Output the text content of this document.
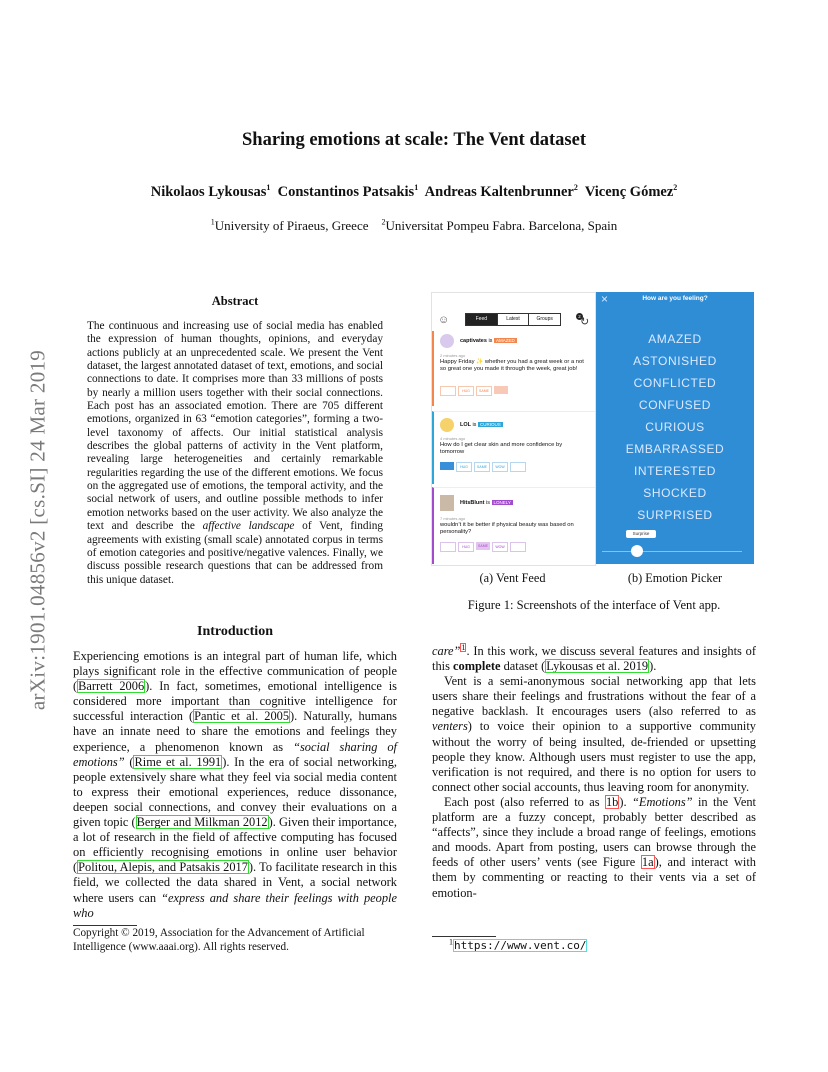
arXiv:1901.04856v2 [cs.SI] 24 Mar 2019
Sharing emotions at scale: The Vent dataset
Nikolaos Lykousas$^1$ Constantinos Patsakis$^1$ Andreas Kaltenbrunner$^2$ Vicenç Gómez$^2$
$^1$University of Piraeus, Greece $^2$Universitat Pompeu Fabra. Barcelona, Spain
Abstract
The continuous and increasing use of social media has enabled the expression of human thoughts, opinions, and everyday actions publicly at an unprecedented scale. We present the Vent dataset, the largest annotated dataset of text, emotions, and social connections to date. It comprises more than 33 millions of posts by nearly a million users together with their social connections. Each post has an associated emotion. There are 705 different emotions, organized in 63 “emotion categories”, forming a two-level taxonomy of affects. Our initial statistical analysis describes the global patterns of activity in the Vent platform, revealing large heterogeneities and certainly remarkable regularities regarding the use of the different emotions. We focus on the aggregated use of emotions, the temporal activity, and the social network of users, and outline possible methods to infer emotion networks based on the user activity. We also analyze the text and describe the affective landscape of Vent, finding agreements with existing (small scale) annotated corpus in terms of emotion categories and positive/negative valences. Finally, we discuss possible research questions that can be addressed from this unique dataset.
Introduction

Experiencing emotions is an integral part of human life, which plays significant role in the effective communication of people (Barrett 2006). In fact, sometimes, emotional intelligence is considered more important than cognitive intelligence for successful interaction (Pantic et al. 2005). Naturally, humans have an innate need to share the emotions and feelings they experience, a phenomenon known as “social sharing of emotions” (Rime et al. 1991). In the era of social networking, people extensively share what they feel via social media content to express their emotional experiences, reduce dissonance, deepen social connections, and convey their evaluations on a given topic (Berger and Milkman 2012). Given their importance, a lot of research in the field of affective computing has focused on efficiently recognising emotions in online user behavior (Politou, Alepis, and Patsakis 2017). To facilitate research in this field, we collected the data shared in Vent, a social network where users can “express and share their feelings with people who

Copyright © 2019, Association for the Advancement of Artificial Intelligence (www.aaai.org). All rights reserved.

care”$^1$. In this work, we discuss several features and insights of this complete dataset (Lykousas et al. 2019).

Vent is a semi-anonymous social networking app that lets users share their feelings and frustrations without the fear of a negative backlash. It encourages users (also referred to as venters) to voice their opinion to a supportive community without the worry of being insulted, de-friended or upsetting people they know. Although users must register to use the app, verification is not required, and there is no option for users to connect other social accounts, thus leaving room for anonymity.

Each post (also referred to as 1b). “Emotions” in the Vent platform are a fuzzy concept, probably better described as “affects”, since they include a broad range of feelings, emotions and moods. Apart from posting, users can browse through the feeds of other users’ vents (see Figure 1a), and interact with them by commenting or reacting to their vents via a set of emotion-

$^1$https://www.vent.co/
☺	Feed	Latest	Groups	2 ↻
captivates is AMAZED
2 minutes ago
Happy Friday ✨ whether you had a great week or a not so great one you made it through the week, great job!
HUG	SAME
LOL is CURIOUS
4 minutes ago
How do I get clear skin and more confidence by tomorrow
HUG	SAME	WOW
HitsBlunt is LONELY
7 minutes ago
wouldn’t it be better if physical beauty was based on personality?
HUG	SAME	WOW
×	How are you feeling?
AMAZED
ASTONISHED
CONFLICTED
CONFUSED
CURIOUS
EMBARRASSED
INTERESTED
SHOCKED
SURPRISED
Surprise
(a) Vent Feed	(b) Emotion Picker
Figure 1: Screenshots of the interface of Vent app.
